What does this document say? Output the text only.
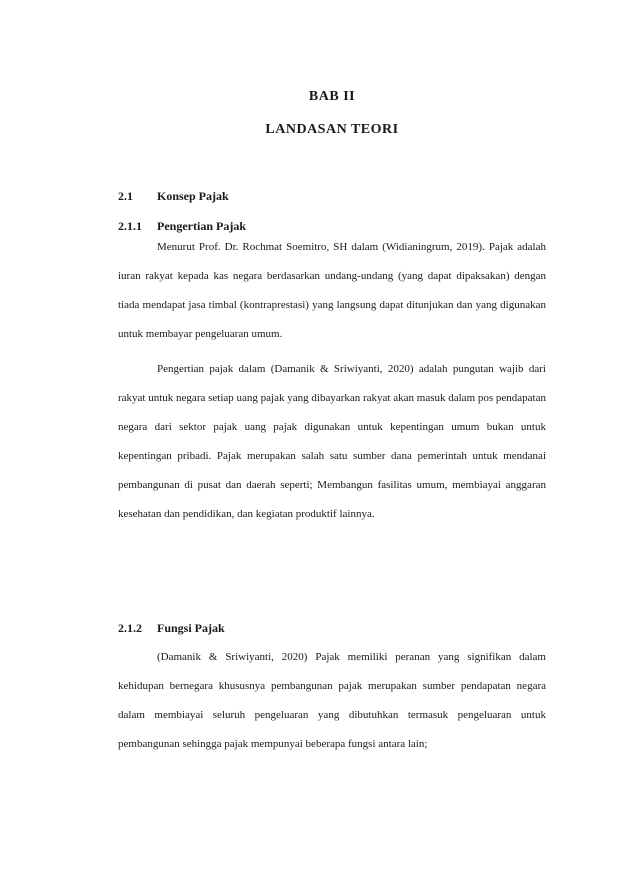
BAB II
LANDASAN TEORI
2.1 Konsep Pajak
2.1.1 Pengertian Pajak

Menurut Prof. Dr. Rochmat Soemitro, SH dalam (Widianingrum, 2019). Pajak adalah iuran rakyat kepada kas negara berdasarkan undang-undang (yang dapat dipaksakan) dengan tiada mendapat jasa timbal (kontraprestasi) yang langsung dapat ditunjukan dan yang digunakan untuk membayar pengeluaran umum.

Pengertian pajak dalam (Damanik & Sriwiyanti, 2020) adalah pungutan wajib dari rakyat untuk negara setiap uang pajak yang dibayarkan rakyat akan masuk dalam pos pendapatan negara dari sektor pajak uang pajak digunakan untuk kepentingan umum bukan untuk kepentingan pribadi. Pajak merupakan salah satu sumber dana pemerintah untuk mendanai pembangunan di pusat dan daerah seperti; Membangun fasilitas umum, membiayai anggaran kesehatan dan pendidikan, dan kegiatan produktif lainnya.

2.1.2 Fungsi Pajak

(Damanik & Sriwiyanti, 2020) Pajak memiliki peranan yang signifikan dalam kehidupan bernegara khususnya pembangunan pajak merupakan sumber pendapatan negara dalam membiayai seluruh pengeluaran yang dibutuhkan termasuk pengeluaran untuk pembangunan sehingga pajak mempunyai beberapa fungsi antara lain;
